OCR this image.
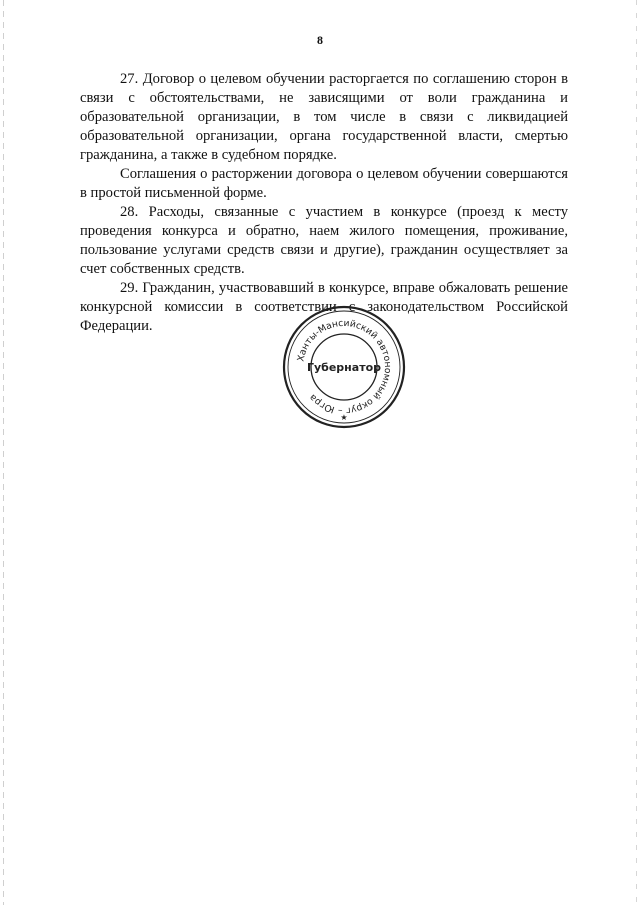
8

27. Договор о целевом обучении расторгается по соглашению сторон в связи с обстоятельствами, не зависящими от воли гражданина и образовательной организации, в том числе в связи с ликвидацией образовательной организации, органа государственной власти, смертью гражданина, а также в судебном порядке.

Соглашения о расторжении договора о целевом обучении совершаются в простой письменной форме.

28. Расходы, связанные с участием в конкурсе (проезд к месту проведения конкурса и обратно, наем жилого помещения, проживание, пользование услугами средств связи и другие), гражданин осуществляет за счет собственных средств.

29. Гражданин, участвовавший в конкурсе, вправе обжаловать решение конкурсной комиссии в соответствии с законодательством Российской Федерации.

Ханты-Мансийский автономный округ – Югра
Губернатор
★
